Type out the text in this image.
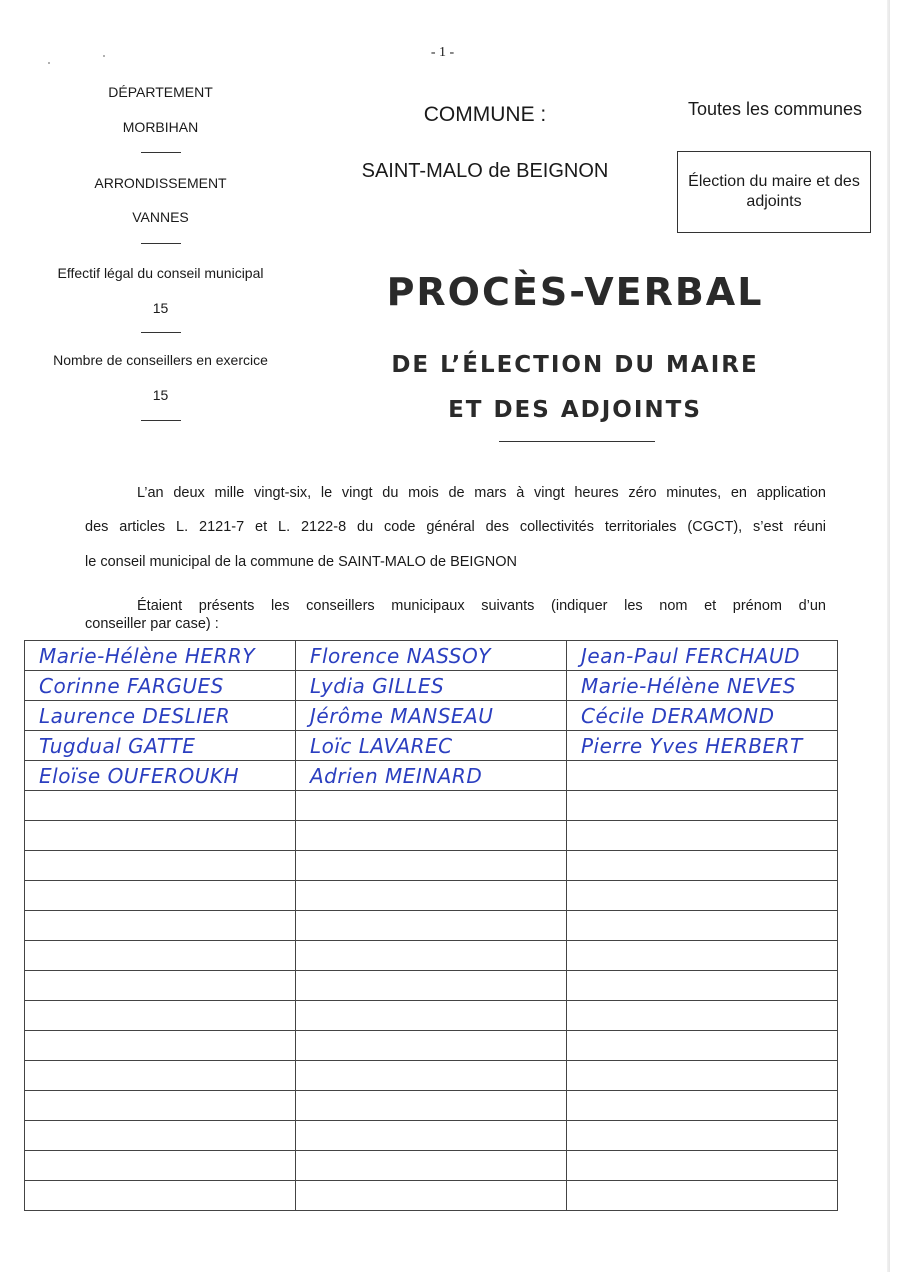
- 1 -
DÉPARTEMENT
MORBIHAN
ARRONDISSEMENT
VANNES
Effectif légal du conseil municipal
15
Nombre de conseillers en exercice
15
COMMUNE :
SAINT-MALO de BEIGNON
Toutes les communes
Élection du maire et des adjoints
PROCÈS-VERBAL
DE L’ÉLECTION DU MAIRE
ET DES ADJOINTS
L’an deux mille vingt-six, le vingt du mois de mars à vingt heures zéro minutes, en application
des articles L. 2121-7 et L. 2122-8 du code général des collectivités territoriales (CGCT), s’est réuni
le conseil municipal de la commune de SAINT-MALO de BEIGNON
Étaient présents les conseillers municipaux suivants (indiquer les nom et prénom d’un
conseiller par case) :
Marie-Hélène HERRY	Florence NASSOY	Jean-Paul FERCHAUD
Corinne FARGUES	Lydia GILLES	Marie-Hélène NEVES
Laurence DESLIER	Jérôme MANSEAU	Cécile DERAMOND
Tugdual GATTE	Loïc LAVAREC	Pierre Yves HERBERT
Eloïse OUFEROUKH	Adrien MEINARD	
